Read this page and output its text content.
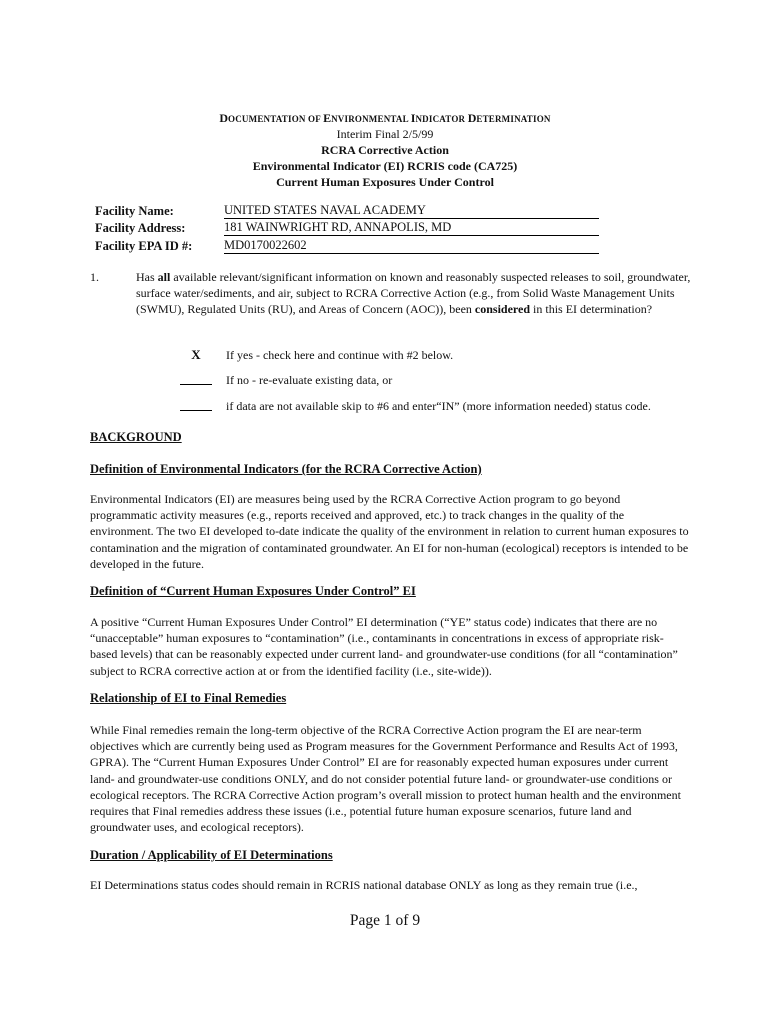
DOCUMENTATION OF ENVIRONMENTAL INDICATOR DETERMINATION
Interim Final 2/5/99
RCRA Corrective Action
Environmental Indicator (EI) RCRIS code (CA725)
Current Human Exposures Under Control
Facility Name:	UNITED STATES NAVAL ACADEMY
Facility Address:	181 WAINWRIGHT RD, ANNAPOLIS, MD
Facility EPA ID #:	MD0170022602
1.	Has all available relevant/significant information on known and reasonably suspected releases to soil, groundwater, surface water/sediments, and air, subject to RCRA Corrective Action (e.g., from Solid Waste Management Units (SWMU), Regulated Units (RU), and Areas of Concern (AOC)), been considered in this EI determination?
X	If yes - check here and continue with #2 below.
If no - re-evaluate existing data, or
if data are not available skip to #6 and enter“IN” (more information needed) status code.
BACKGROUND
Definition of Environmental Indicators (for the RCRA Corrective Action)
Environmental Indicators (EI) are measures being used by the RCRA Corrective Action program to go beyond programmatic activity measures (e.g., reports received and approved, etc.) to track changes in the quality of the environment. The two EI developed to-date indicate the quality of the environment in relation to current human exposures to contamination and the migration of contaminated groundwater. An EI for non-human (ecological) receptors is intended to be developed in the future.
Definition of “Current Human Exposures Under Control” EI
A positive “Current Human Exposures Under Control” EI determination (“YE” status code) indicates that there are no “unacceptable” human exposures to “contamination” (i.e., contaminants in concentrations in excess of appropriate risk-based levels) that can be reasonably expected under current land- and groundwater-use conditions (for all “contamination” subject to RCRA corrective action at or from the identified facility (i.e., site-wide)).
Relationship of EI to Final Remedies
While Final remedies remain the long-term objective of the RCRA Corrective Action program the EI are near-term objectives which are currently being used as Program measures for the Government Performance and Results Act of 1993, GPRA). The “Current Human Exposures Under Control” EI are for reasonably expected human exposures under current land- and groundwater-use conditions ONLY, and do not consider potential future land- or groundwater-use conditions or ecological receptors. The RCRA Corrective Action program’s overall mission to protect human health and the environment requires that Final remedies address these issues (i.e., potential future human exposure scenarios, future land and groundwater uses, and ecological receptors).
Duration / Applicability of EI Determinations
EI Determinations status codes should remain in RCRIS national database ONLY as long as they remain true (i.e.,
Page 1 of 9
